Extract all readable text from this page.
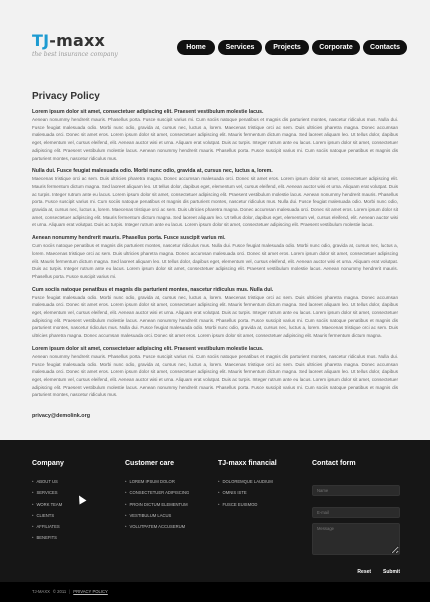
TJ-maxx
the best insurance company
Home	Services	Projects	Corporate	Contacts
Privacy Policy
Lorem ipsum dolor sit amet, consectetuer adipiscing elit. Praesent vestibulum molestie lacus.
Aenean nonummy hendrerit mauris. Phasellus porta. Fusce suscipit varius mi. Cum sociis natoque penatibus et magnis dis parturient montes, nascetur ridiculus mus. Nulla dui. Fusce feugiat malesuada odio. Morbi nunc odio, gravida at, cursus nec, luctus a, lorem. Maecenas tristique orci ac sem. Duis ultricies pharetra magna. Donec accumsan malesuada orci. Donec sit amet eros. Lorem ipsum dolor sit amet, consectetuer adipiscing elit. Mauris fermentum dictum magna. Sed laoreet aliquam leo. Ut tellus dolor, dapibus eget, elementum vel, cursus eleifend, elit. Aenean auctor wisi et urna. Aliquam erat volutpat. Duis ac turpis. Integer rutrum ante eu lacus. Lorem ipsum dolor sit amet, consectetuer adipiscing elit. Praesent vestibulum molestie lacus. Aenean nonummy hendrerit mauris. Phasellus porta. Fusce suscipit varius mi. Cum sociis natoque penatibus et magnis dis parturient montes, nascetur ridiculus mus.
Nulla dui. Fusce feugiat malesuada odio. Morbi nunc odio, gravida at, cursus nec, luctus a, lorem.
Maecenas tristique orci ac sem. Duis ultricies pharetra magna. Donec accumsan malesuada orci. Donec sit amet eros. Lorem ipsum dolor sit amet, consectetuer adipiscing elit. Mauris fermentum dictum magna. Sed laoreet aliquam leo. Ut tellus dolor, dapibus eget, elementum vel, cursus eleifend, elit. Aenean auctor wisi et urna. Aliquam erat volutpat. Duis ac turpis. Integer rutrum ante eu lacus. Lorem ipsum dolor sit amet, consectetuer adipiscing elit. Praesent vestibulum molestie lacus. Aenean nonummy hendrerit mauris. Phasellus porta. Fusce suscipit varius mi. Cum sociis natoque penatibus et magnis dis parturient montes, nascetur ridiculus mus. Nulla dui. Fusce feugiat malesuada odio. Morbi nunc odio, gravida at, cursus nec, luctus a, lorem. Maecenas tristique orci ac sem. Duis ultricies pharetra magna. Donec accumsan malesuada orci. Donec sit amet eros. Lorem ipsum dolor sit amet, consectetuer adipiscing elit. Mauris fermentum dictum magna. Sed laoreet aliquam leo. Ut tellus dolor, dapibus eget, elementum vel, cursus eleifend, elit. Aenean auctor wisi et urna. Aliquam erat volutpat. Duis ac turpis. Integer rutrum ante eu lacus. Lorem ipsum dolor sit amet, consectetuer adipiscing elit. Praesent vestibulum molestie lacus.
Aenean nonummy hendrerit mauris. Phasellus porta. Fusce suscipit varius mi.
Cum sociis natoque penatibus et magnis dis parturient montes, nascetur ridiculus mus. Nulla dui. Fusce feugiat malesuada odio. Morbi nunc odio, gravida at, cursus nec, luctus a, lorem. Maecenas tristique orci ac sem. Duis ultricies pharetra magna. Donec accumsan malesuada orci. Donec sit amet eros. Lorem ipsum dolor sit amet, consectetuer adipiscing elit. Mauris fermentum dictum magna. Sed laoreet aliquam leo. Ut tellus dolor, dapibus eget, elementum vel, cursus eleifend, elit. Aenean auctor wisi et urna. Aliquam erat volutpat. Duis ac turpis. Integer rutrum ante eu lacus. Lorem ipsum dolor sit amet, consectetuer adipiscing elit. Praesent vestibulum molestie lacus. Aenean nonummy hendrerit mauris. Phasellus porta. Fusce suscipit varius mi.
Cum sociis natoque penatibus et magnis dis parturient montes, nascetur ridiculus mus. Nulla dui.
Fusce feugiat malesuada odio. Morbi nunc odio, gravida at, cursus nec, luctus a, lorem. Maecenas tristique orci ac sem. Duis ultricies pharetra magna. Donec accumsan malesuada orci. Donec sit amet eros. Lorem ipsum dolor sit amet, consectetuer adipiscing elit. Mauris fermentum dictum magna. Sed laoreet aliquam leo. Ut tellus dolor, dapibus eget, elementum vel, cursus eleifend, elit. Aenean auctor wisi et urna. Aliquam erat volutpat. Duis ac turpis. Integer rutrum ante eu lacus. Lorem ipsum dolor sit amet, consectetuer adipiscing elit. Praesent vestibulum molestie lacus. Aenean nonummy hendrerit mauris. Phasellus porta. Fusce suscipit varius mi. Cum sociis natoque penatibus et magnis dis parturient montes, nascetur ridiculus mus. Nulla dui. Fusce feugiat malesuada odio. Morbi nunc odio, gravida at, cursus nec, luctus a, lorem. Maecenas tristique orci ac sem. Duis ultricies pharetra magna. Donec accumsan malesuada orci. Donec sit amet eros. Lorem ipsum dolor sit amet, consectetuer adipiscing elit. Mauris fermentum dictum magna.
Lorem ipsum dolor sit amet, consectetuer adipiscing elit. Praesent vestibulum molestie lacus.
Aenean nonummy hendrerit mauris. Phasellus porta. Fusce suscipit varius mi. Cum sociis natoque penatibus et magnis dis parturient montes, nascetur ridiculus mus. Nulla dui. Fusce feugiat malesuada odio. Morbi nunc odio, gravida at, cursus nec, luctus a, lorem. Maecenas tristique orci ac sem. Duis ultricies pharetra magna. Donec accumsan malesuada orci. Donec sit amet eros. Lorem ipsum dolor sit amet, consectetuer adipiscing elit. Mauris fermentum dictum magna. Sed laoreet aliquam leo. Ut tellus dolor, dapibus eget, elementum vel, cursus eleifend, elit. Aenean auctor wisi et urna. Aliquam erat volutpat. Duis ac turpis. Integer rutrum ante eu lacus. Lorem ipsum dolor sit amet, consectetuer adipiscing elit. Praesent vestibulum molestie lacus. Aenean nonummy hendrerit mauris. Phasellus porta. Fusce suscipit varius mi. Cum sociis natoque penatibus et magnis dis parturient montes, nascetur ridiculus mus.
privacy@demolink.org
Company
• ABOUT US
• SERVICES
• WORK TEAM
• CLIENTS
• AFFILIATES
• BENEFITS
Customer care
• LOREM IPSUM DOLOR
• CONSECTETUER ADIPISCING
• PROIN DICTUM ELEMENTUM
• VESTIBULUM LACUS
• VOLUTPATEM ACCUSERUM
TJ-maxx financial
• DOLOREMQUE LAUDIUM
• OMNIS ISTE
• FUSCE EUISMOD
Contact form
Name E-mail Message
Reset Submit
TJ-MAXX © 2011 | PRIVACY POLICY
